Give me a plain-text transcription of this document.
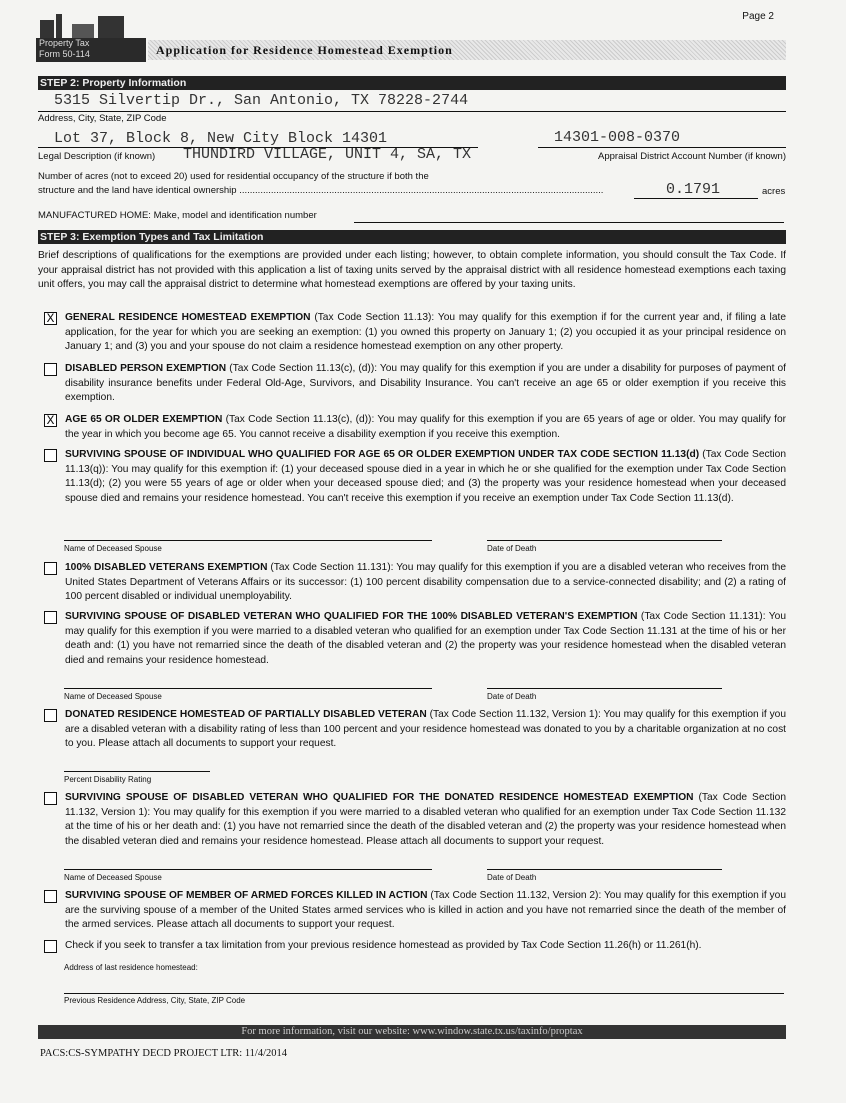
Page 2
Property Tax
Form 50-114	Application for Residence Homestead Exemption
STEP 2: Property Information
5315 Silvertip Dr., San Antonio, TX 78228-2744
Address, City, State, ZIP Code
Lot 37, Block 8, New City Block 14301
Legal Description (if known) THUNDIRD VILLAGE, UNIT 4, SA, TX
14301-008-0370
Appraisal District Account Number (if known)
Number of acres (not to exceed 20) used for residential occupancy of the structure if both the
structure and the land have identical ownership ..........................................................................................................................................	0.1791	acres
MANUFACTURED HOME: Make, model and identification number
STEP 3: Exemption Types and Tax Limitation
Brief descriptions of qualifications for the exemptions are provided under each listing; however, to obtain complete information, you should consult the Tax Code. If your appraisal district has not provided with this application a list of taxing units served by the appraisal district with all residence homestead exemptions each taxing unit offers, you may call the appraisal district to determine what homestead exemptions are offered by your taxing units.
X GENERAL RESIDENCE HOMESTEAD EXEMPTION (Tax Code Section 11.13): You may qualify for this exemption if for the current year and, if filing a late application, for the year for which you are seeking an exemption: (1) you owned this property on January 1; (2) you occupied it as your principal residence on January 1; and (3) you and your spouse do not claim a residence homestead exemption on any other property.
DISABLED PERSON EXEMPTION (Tax Code Section 11.13(c), (d)): You may qualify for this exemption if you are under a disability for purposes of payment of disability insurance benefits under Federal Old-Age, Survivors, and Disability Insurance. You can't receive an age 65 or older exemption if you receive this exemption.
X AGE 65 OR OLDER EXEMPTION (Tax Code Section 11.13(c), (d)): You may qualify for this exemption if you are 65 years of age or older. You may qualify for the year in which you become age 65. You cannot receive a disability exemption if you receive this exemption.
SURVIVING SPOUSE OF INDIVIDUAL WHO QUALIFIED FOR AGE 65 OR OLDER EXEMPTION UNDER TAX CODE SECTION 11.13(d) (Tax Code Section 11.13(q)): You may qualify for this exemption if: (1) your deceased spouse died in a year in which he or she qualified for the exemption under Tax Code Section 11.13(d); (2) you were 55 years of age or older when your deceased spouse died; and (3) the property was your residence homestead when your deceased spouse died and remains your residence homestead. You can't receive this exemption if you receive an exemption under Tax Code Section 11.13(d).
Name of Deceased Spouse	Date of Death
100% DISABLED VETERANS EXEMPTION (Tax Code Section 11.131): You may qualify for this exemption if you are a disabled veteran who receives from the United States Department of Veterans Affairs or its successor: (1) 100 percent disability compensation due to a service-connected disability; and (2) a rating of 100 percent disabled or individual unemployability.
SURVIVING SPOUSE OF DISABLED VETERAN WHO QUALIFIED FOR THE 100% DISABLED VETERAN'S EXEMPTION (Tax Code Section 11.131): You may qualify for this exemption if you were married to a disabled veteran who qualified for an exemption under Tax Code Section 11.131 at the time of his or her death and: (1) you have not remarried since the death of the disabled veteran and (2) the property was your residence homestead when the disabled veteran died and remains your residence homestead.
Name of Deceased Spouse	Date of Death
DONATED RESIDENCE HOMESTEAD OF PARTIALLY DISABLED VETERAN (Tax Code Section 11.132, Version 1): You may qualify for this exemption if you are a disabled veteran with a disability rating of less than 100 percent and your residence homestead was donated to you by a charitable organization at no cost to you. Please attach all documents to support your request.
Percent Disability Rating
SURVIVING SPOUSE OF DISABLED VETERAN WHO QUALIFIED FOR THE DONATED RESIDENCE HOMESTEAD EXEMPTION (Tax Code Section 11.132, Version 1): You may qualify for this exemption if you were married to a disabled veteran who qualified for an exemption under Tax Code Section 11.132 at the time of his or her death and: (1) you have not remarried since the death of the disabled veteran and (2) the property was your residence homestead when the disabled veteran died and remains your residence homestead. Please attach all documents to support your request.
Name of Deceased Spouse	Date of Death
SURVIVING SPOUSE OF MEMBER OF ARMED FORCES KILLED IN ACTION (Tax Code Section 11.132, Version 2): You may qualify for this exemption if you are the surviving spouse of a member of the United States armed services who is killed in action and you have not remarried since the death of the member of the armed services. Please attach all documents to support your request.
Check if you seek to transfer a tax limitation from your previous residence homestead as provided by Tax Code Section 11.26(h) or 11.261(h).
Address of last residence homestead:
Previous Residence Address, City, State, ZIP Code
For more information, visit our website: www.window.state.tx.us/taxinfo/proptax
PACS:CS-SYMPATHY DECD PROJECT LTR: 11/4/2014
